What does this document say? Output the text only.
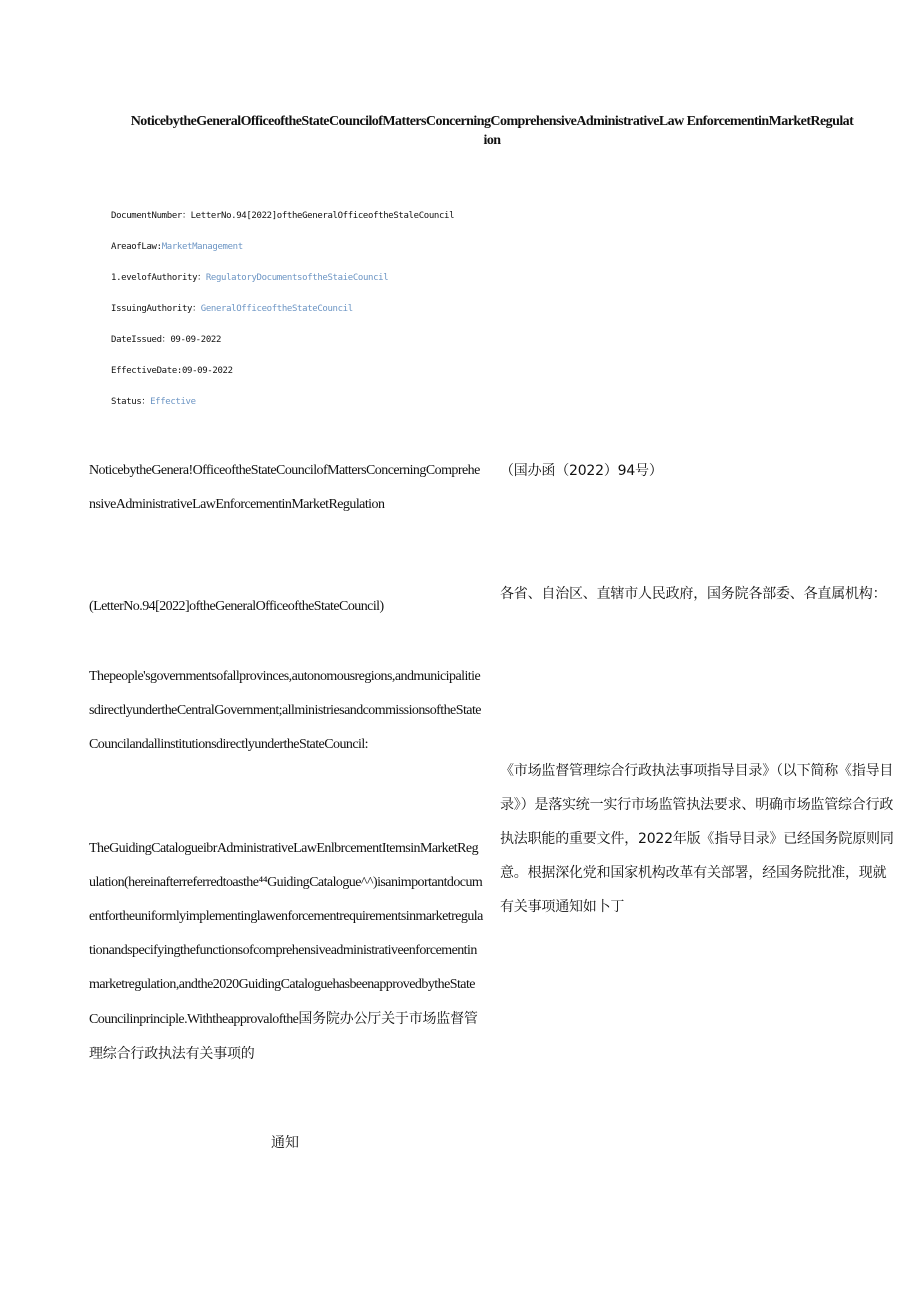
NoticebytheGeneralOfficeoftheStateCouncilofMattersConcerningComprehensiveAdministrativeLaw EnforcementinMarketRegulation
DocumentNumber：LetterNo.94[2022]oftheGeneralOfficeoftheStaleCouncil
AreaofLaw:MarketManagement
1.evelofAuthority：RegulatoryDocumentsoftheStaieCouncil
IssuingAuthority：GeneralOfficeoftheStateCouncil
DateIssued：09-09-2022
EffectiveDate:09-09-2022
Status：Effective

NoticebytheGenera!OfficeoftheStateCouncilofMattersConcerningComprehensiveAdministrativeLawEnforcementinMarketRegulation

(LetterNo.94[2022]oftheGeneralOfficeoftheStateCouncil)

Thepeople'sgovernmentsofallprovinces,autonomousregions,andmunicipalitiesdirectlyundertheCentralGovernment;allministriesandcommissionsoftheStateCouncilandallinstitutionsdirectlyundertheStateCouncil:

TheGuidingCatalogueibrAdministrativeLawEnlbrcementItemsinMarketRegulation(hereinafterreferredtoasthe⁴⁴GuidingCatalogue^^)isanimportantdocumentfortheuniformlyimplementinglawenforcementrequirementsinmarketregulationandspecifyingthefunctionsofcomprehensiveadministrativeenforcementinmarketregulation,andthe2020GuidingCataloguehasbeenapprovedbytheStateCouncilinprinciple.Withtheapprovalofthe国务院办公厅关于市场监督管理综合行政执法有关事项的

通知

（国办函（2022）94号）

各省、自治区、直辖市人民政府，国务院各部委、各直属机构：

《市场监督管理综合行政执法事项指导目录》（以下简称《指导目录》）是落实统一实行市场监管执法要求、明确市场监管综合行政执法职能的重要文件，2022年版《指导目录》已经国务院原则同意。根据深化党和国家机构改革有关部署，经国务院批准，现就有关事项通知如卜丁
